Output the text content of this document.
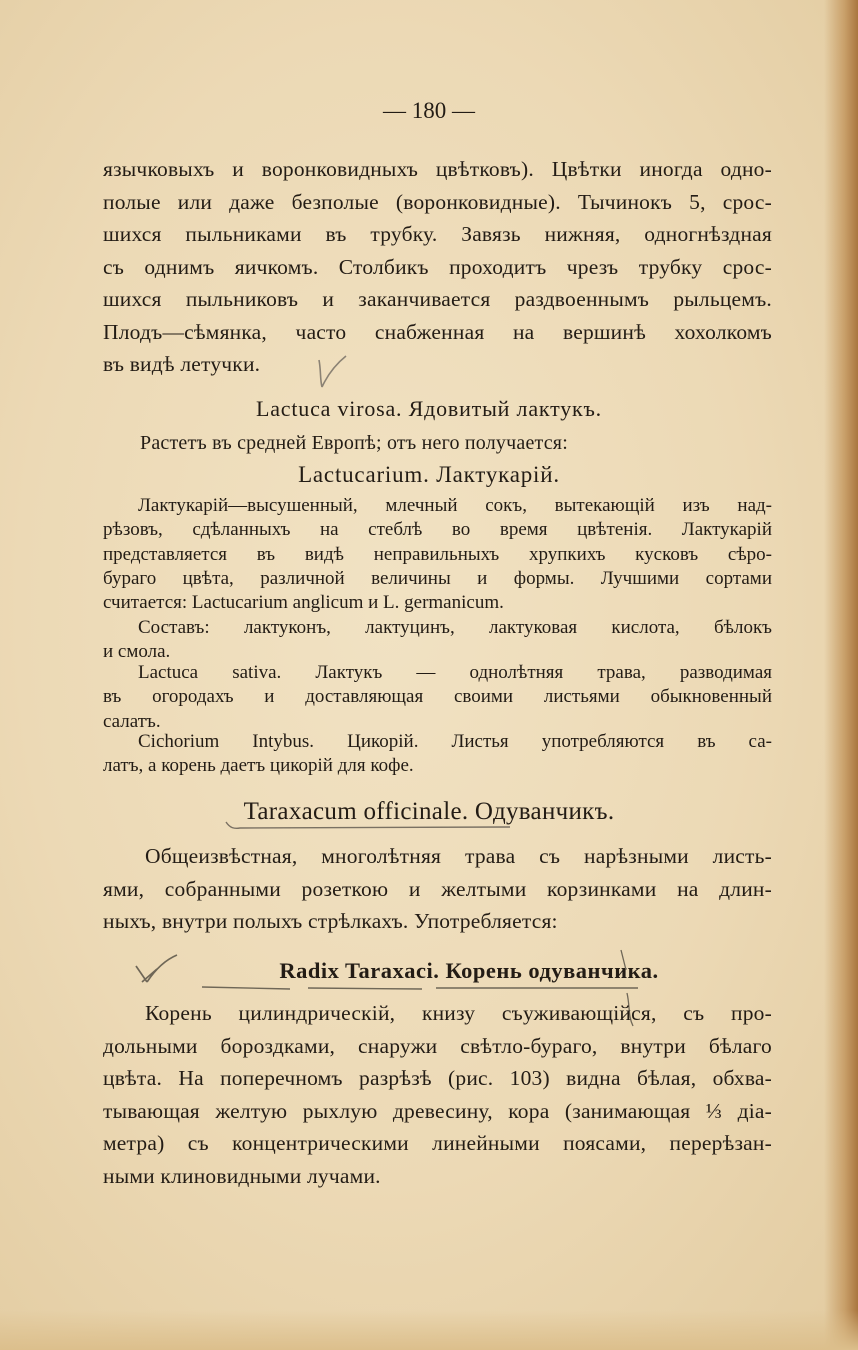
— 180 —
язычковыхъ и воронковидныхъ цвѣтковъ). Цвѣтки иногда одно-
полые или даже безполые (воронковидные). Тычинокъ 5, срос-
шихся пыльниками въ трубку. Завязь нижняя, одногнѣздная
съ однимъ яичкомъ. Столбикъ проходитъ чрезъ трубку срос-
шихся пыльниковъ и заканчивается раздвоеннымъ рыльцемъ.
Плодъ—сѣмянка, часто снабженная на вершинѣ хохолкомъ
въ видѣ летучки.
Lactuca virosa. Ядовитый лактукъ.
Растетъ въ средней Европѣ; отъ него получается:
Lactucarium. Лактукарій.
Лактукарій—высушенный, млечный сокъ, вытекающій изъ над-
рѣзовъ, сдѣланныхъ на стеблѣ во время цвѣтенія. Лактукарій
представляется въ видѣ неправильныхъ хрупкихъ кусковъ сѣро-
бураго цвѣта, различной величины и формы. Лучшими сортами
считается: Lactucarium anglicum и L. germanicum.
Составъ: лактуконъ, лактуцинъ, лактуковая кислота, бѣлокъ
и смола.
Lactuca sativa. Лактукъ — однолѣтняя трава, разводимая
въ огородахъ и доставляющая своими листьями обыкновенный
салатъ.
Cichorium Intybus. Цикорій. Листья употребляются въ са-
латъ, а корень даетъ цикорій для кофе.
Taraxacum officinale. Одуванчикъ.
Общеизвѣстная, многолѣтняя трава съ нарѣзными листь-
ями, собранными розеткою и желтыми корзинками на длин-
ныхъ, внутри полыхъ стрѣлкахъ. Употребляется:
Radix Taraxaci. Корень одуванчика.
Корень цилиндрическій, книзу съуживающійся, съ про-
дольными бороздками, снаружи свѣтло-бураго, внутри бѣлаго
цвѣта. На поперечномъ разрѣзѣ (рис. 103) видна бѣлая, обхва-
тывающая желтую рыхлую древесину, кора (занимающая ⅓ діа-
метра) съ концентрическими линейными поясами, перерѣзан-
ными клиновидными лучами.
